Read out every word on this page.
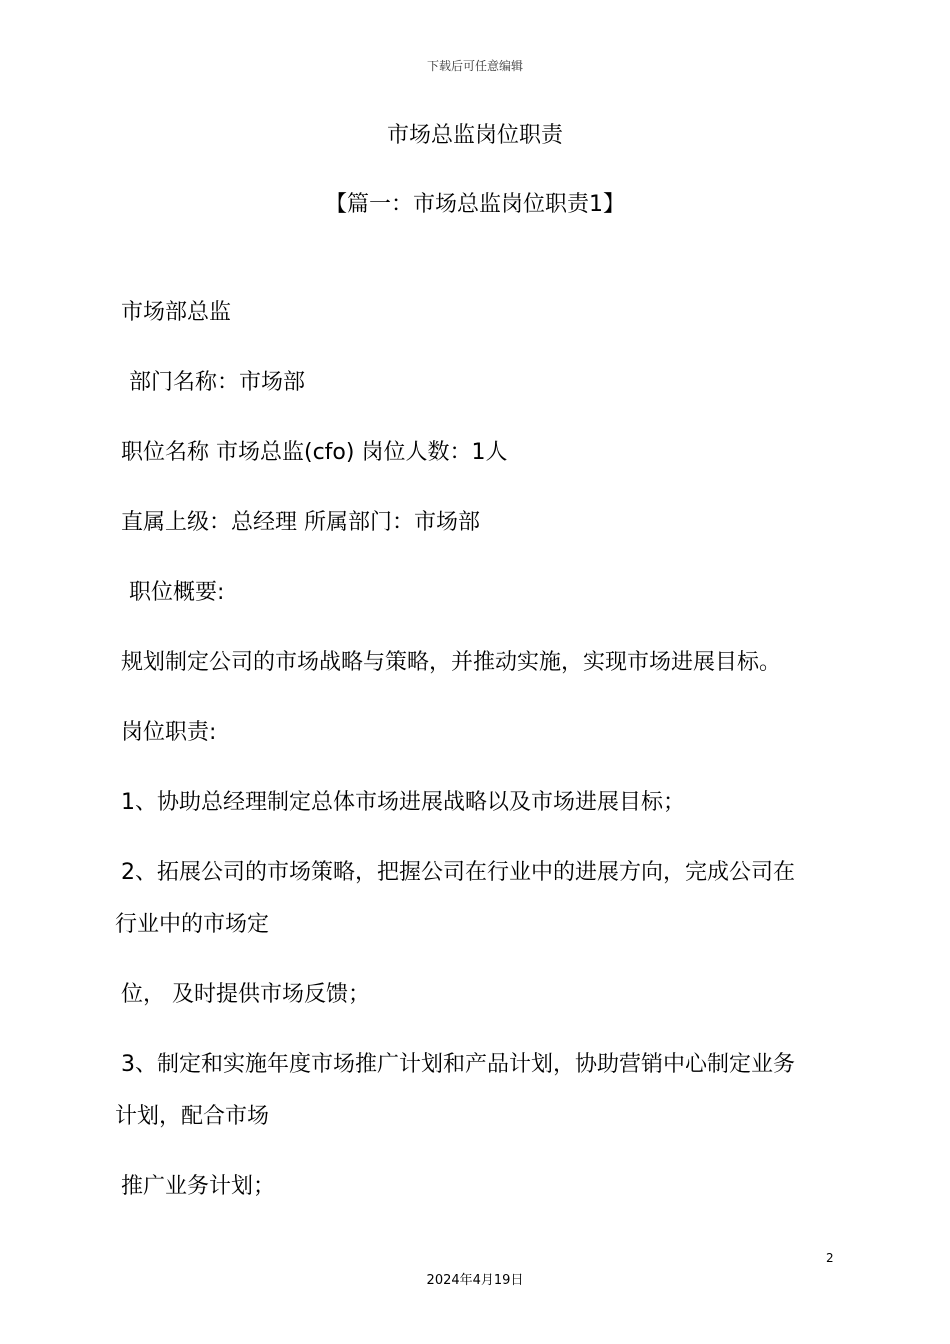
下载后可任意编辑
市场总监岗位职责
【篇一：市场总监岗位职责1】
市场部总监
部门名称：市场部
职位名称 市场总监(cfo) 岗位人数：1人
直属上级：总经理 所属部门：市场部
职位概要:
规划制定公司的市场战略与策略，并推动实施，实现市场进展目标。
岗位职责:
1、协助总经理制定总体市场进展战略以及市场进展目标；
2、拓展公司的市场策略，把握公司在行业中的进展方向，完成公司在
行业中的市场定
位， 及时提供市场反馈；
3、制定和实施年度市场推广计划和产品计划，协助营销中心制定业务
计划，配合市场
推广业务计划；
2
2024年4月19日
